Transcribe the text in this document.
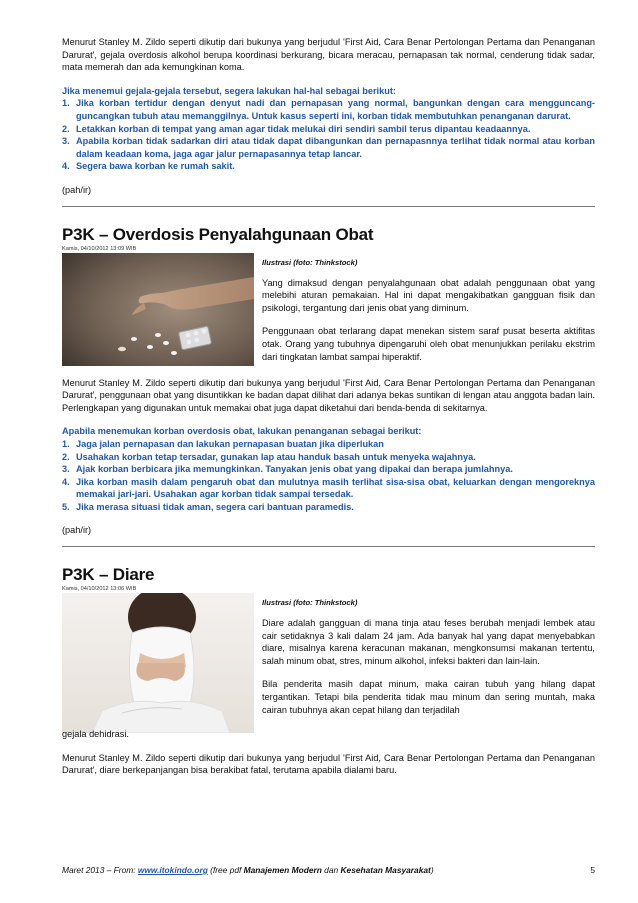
Menurut Stanley M. Zildo seperti dikutip dari bukunya yang berjudul 'First Aid, Cara Benar Pertolongan Pertama dan Penanganan Darurat', gejala overdosis alkohol berupa koordinasi berkurang, bicara meracau, pernapasan tak normal, cenderung tidak sadar, mata memerah dan ada kemungkinan koma.

Jika menemui gejala-gejala tersebut, segera lakukan hal-hal sebagai berikut:

1. Jika korban tertidur dengan denyut nadi dan pernapasan yang normal, bangunkan dengan cara mengguncang-guncangkan tubuh atau memanggilnya. Untuk kasus seperti ini, korban tidak membutuhkan penanganan darurat.
2. Letakkan korban di tempat yang aman agar tidak melukai diri sendiri sambil terus dipantau keadaannya.
3. Apabila korban tidak sadarkan diri atau tidak dapat dibangunkan dan pernapasnnya terlihat tidak normal atau korban dalam keadaan koma, jaga agar jalur pernapasannya tetap lancar.
4. Segera bawa korban ke rumah sakit.

(pah/ir)

P3K – Overdosis Penyalahgunaan Obat
Kamis, 04/10/2012 13:09 WIB
Ilustrasi (foto: Thinkstock)

Yang dimaksud dengan penyalahgunaan obat adalah penggunaan obat yang melebihi aturan pemakaian. Hal ini dapat mengakibatkan gangguan fisik dan psikologi, tergantung dari jenis obat yang diminum.

Penggunaan obat terlarang dapat menekan sistem saraf pusat beserta aktifitas otak. Orang yang tubuhnya dipengaruhi oleh obat menunjukkan perilaku ekstrim dari tingkatan lambat sampai hiperaktif.

Menurut Stanley M. Zildo seperti dikutip dari bukunya yang berjudul 'First Aid, Cara Benar Pertolongan Pertama dan Penanganan Darurat', penggunaan obat yang disuntikkan ke badan dapat dilihat dari adanya bekas suntikan di lengan atau anggota badan lain. Perlengkapan yang digunakan untuk memakai obat juga dapat diketahui dari benda-benda di sekitarnya.

Apabila menemukan korban overdosis obat, lakukan penanganan sebagai berikut:

1. Jaga jalan pernapasan dan lakukan pernapasan buatan jika diperlukan
2. Usahakan korban tetap tersadar, gunakan lap atau handuk basah untuk menyeka wajahnya.
3. Ajak korban berbicara jika memungkinkan. Tanyakan jenis obat yang dipakai dan berapa jumlahnya.
4. Jika korban masih dalam pengaruh obat dan mulutnya masih terlihat sisa-sisa obat, keluarkan dengan mengoreknya memakai jari-jari. Usahakan agar korban tidak sampai tersedak.
5. Jika merasa situasi tidak aman, segera cari bantuan paramedis.

(pah/ir)

P3K – Diare
Kamis, 04/10/2012 13:06 WIB
Ilustrasi (foto: Thinkstock)

Diare adalah gangguan di mana tinja atau feses berubah menjadi lembek atau cair setidaknya 3 kali dalam 24 jam. Ada banyak hal yang dapat menyebabkan diare, misalnya karena keracunan makanan, mengkonsumsi makanan tertentu, salah minum obat, stres, minum alkohol, infeksi bakteri dan lain-lain.

Bila penderita masih dapat minum, maka cairan tubuh yang hilang dapat tergantikan. Tetapi bila penderita tidak mau minum dan sering muntah, maka cairan tubuhnya akan cepat hilang dan terjadilah

gejala dehidrasi.

Menurut Stanley M. Zildo seperti dikutip dari bukunya yang berjudul 'First Aid, Cara Benar Pertolongan Pertama dan Penanganan Darurat', diare berkepanjangan bisa berakibat fatal, terutama apabila dialami baru.

Maret 2013 – From: www.itokindo.org (free pdf Manajemen Modern dan Kesehatan Masyarakat)	5
